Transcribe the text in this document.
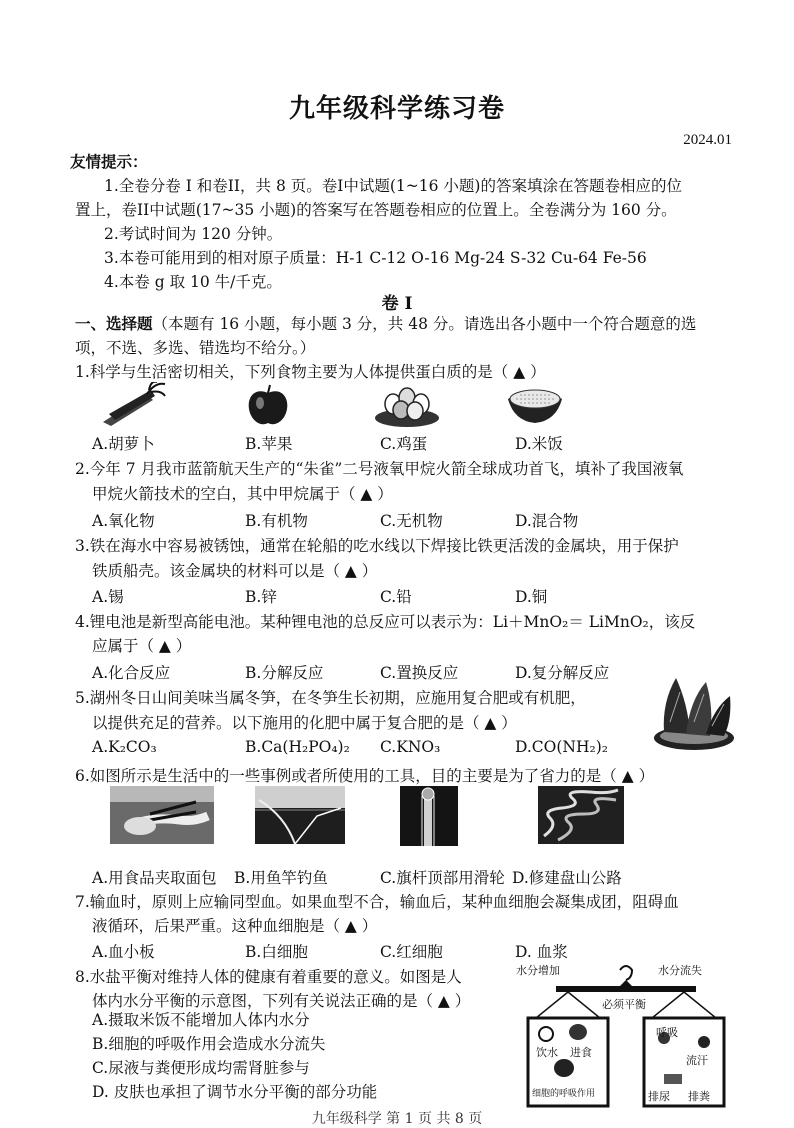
九年级科学练习卷
2024.01
友情提示：
1.全卷分卷 I 和卷II，共 8 页。卷I中试题(1~16 小题)的答案填涂在答题卷相应的位
置上，卷II中试题(17~35 小题)的答案写在答题卷相应的位置上。全卷满分为 160 分。
2.考试时间为 120 分钟。
3.本卷可能用到的相对原子质量：H-1 C-12 O-16 Mg-24 S-32 Cu-64 Fe-56
4.本卷 g 取 10 牛/千克。
卷 I
一、选择题（本题有 16 小题，每小题 3 分，共 48 分。请选出各小题中一个符合题意的选
项，不选、多选、错选均不给分。）
1.科学与生活密切相关，下列食物主要为人体提供蛋白质的是（ ▲ ）
A.胡萝卜	B.苹果	C.鸡蛋	D.米饭
2.今年 7 月我市蓝箭航天生产的“朱雀”二号液氧甲烷火箭全球成功首飞，填补了我国液氧
甲烷火箭技术的空白，其中甲烷属于（ ▲ ）
A.氧化物	B.有机物	C.无机物	D.混合物
3.铁在海水中容易被锈蚀，通常在轮船的吃水线以下焊接比铁更活泼的金属块，用于保护
铁质船壳。该金属块的材料可以是（ ▲ ）
A.锡	B.锌	C.铅	D.铜
4.锂电池是新型高能电池。某种锂电池的总反应可以表示为：Li＋MnO₂＝ LiMnO₂，该反
应属于（ ▲ ）
A.化合反应	B.分解反应	C.置换反应	D.复分解反应
5.湖州冬日山间美味当属冬笋，在冬笋生长初期，应施用复合肥或有机肥，
以提供充足的营养。以下施用的化肥中属于复合肥的是（ ▲ ）
A.K₂CO₃	B.Ca(H₂PO₄)₂ C.KNO₃	D.CO(NH₂)₂
6.如图所示是生活中的一些事例或者所使用的工具，目的主要是为了省力的是（ ▲ ）
A.用食品夹取面包 B.用鱼竿钓鱼	C.旗杆顶部用滑轮 D.修建盘山公路
7.输血时，原则上应输同型血。如果血型不合，输血后，某种血细胞会凝集成团，阻碍血
液循环，后果严重。这种血细胞是（ ▲ ）
A.血小板	B.白细胞	C.红细胞	D. 血浆
8.水盐平衡对维持人体的健康有着重要的意义。如图是人
体内水分平衡的示意图，下列有关说法正确的是（ ▲ ）
A.摄取米饭不能增加人体内水分
B.细胞的呼吸作用会造成水分流失
C.尿液与粪便形成均需肾脏参与
D. 皮肤也承担了调节水分平衡的部分功能
水分增加	水分流失
必须平衡
饮水 进食
细胞的呼吸作用
呼吸
流汗
排尿 排粪
九年级科学 第 1 页 共 8 页
